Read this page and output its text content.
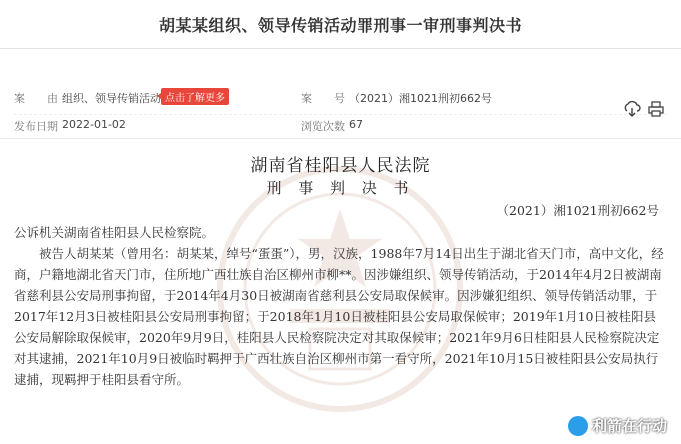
胡某某组织、领导传销活动罪刑事一审刑事判决书
案　　由 组织、领导传销活动 点击了解更多	案　　号 （2021）湘1021刑初662号
发布日期 2022-01-02	浏览次数 67
湖南省桂阳县人民法院
刑 事 判 决 书
（2021）湘1021刑初662号

公诉机关湖南省桂阳县人民检察院。

被告人胡某某（曾用名：胡某某，绰号“蛋蛋”），男，汉族，1988年7月14日出生于湖北省天门市，高中文化，经商，户籍地湖北省天门市，住所地广西壮族自治区柳州市柳**。因涉嫌组织、领导传销活动，于2014年4月2日被湖南省慈利县公安局刑事拘留，于2014年4月30日被湖南省慈利县公安局取保候审。因涉嫌犯组织、领导传销活动罪，于2017年12月3日被桂阳县公安局刑事拘留；于2018年1月10日被桂阳县公安局取保候审；2019年1月10日被桂阳县公安局解除取保候审，2020年9月9日，桂阳县人民检察院决定对其取保候审；2021年9月6日桂阳县人民检察院决定对其逮捕，2021年10月9日被临时羁押于广西壮族自治区柳州市第一看守所，2021年10月15日被桂阳县公安局执行逮捕，现羁押于桂阳县看守所。

利箭在行动
